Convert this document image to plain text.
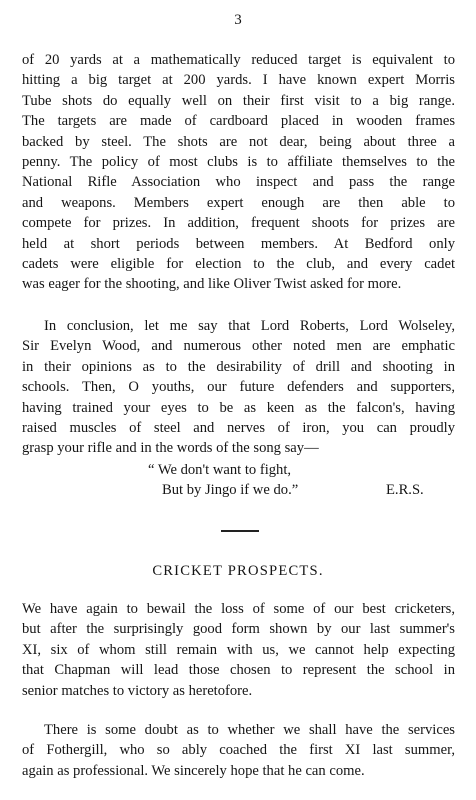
3
of 20 yards at a mathematically reduced target is equivalent to
hitting a big target at 200 yards. I have known expert Morris
Tube shots do equally well on their first visit to a big range.
The targets are made of cardboard placed in wooden frames
backed by steel. The shots are not dear, being about three a
penny. The policy of most clubs is to affiliate themselves to the
National Rifle Association who inspect and pass the range
and weapons. Members expert enough are then able to
compete for prizes. In addition, frequent shoots for prizes are
held at short periods between members. At Bedford only
cadets were eligible for election to the club, and every cadet
was eager for the shooting, and like Oliver Twist asked for more.
In conclusion, let me say that Lord Roberts, Lord Wolseley,
Sir Evelyn Wood, and numerous other noted men are emphatic
in their opinions as to the desirability of drill and shooting in
schools. Then, O youths, our future defenders and supporters,
having trained your eyes to be as keen as the falcon's, having
raised muscles of steel and nerves of iron, you can proudly
grasp your rifle and in the words of the song say—
“ We don't want to fight,
But by Jingo if we do.”	E.R.S.
CRICKET PROSPECTS.
We have again to bewail the loss of some of our best cricketers,
but after the surprisingly good form shown by our last summer's
XI, six of whom still remain with us, we cannot help expecting
that Chapman will lead those chosen to represent the school in
senior matches to victory as heretofore.
There is some doubt as to whether we shall have the services
of Fothergill, who so ably coached the first XI last summer,
again as professional. We sincerely hope that he can come.
